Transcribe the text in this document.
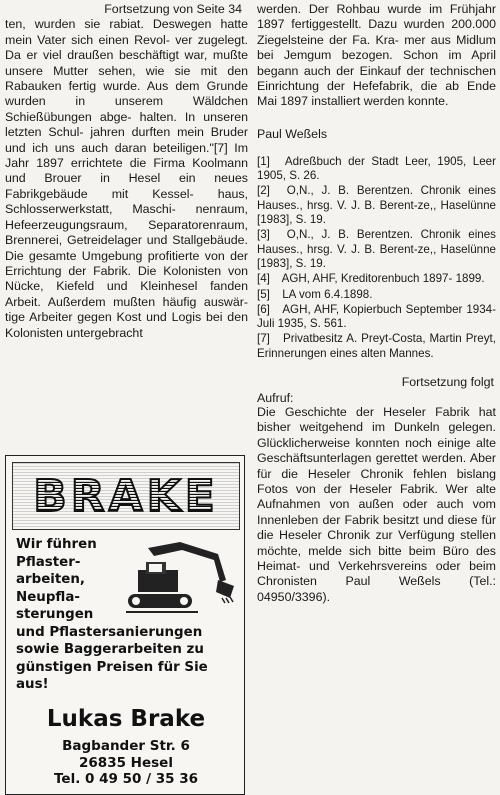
Fortsetzung von Seite 34
ten, wurden sie rabiat. Deswegen hatte mein Vater sich einen Revol- ver zugelegt. Da er viel draußen beschäftigt war, mußte unsere Mutter sehen, wie sie mit den Rabauken fertig wurde. Aus dem Grunde wurden in unserem Wäldchen Schießübungen abge- halten. In unseren letzten Schul- jahren durften mein Bruder und ich uns auch daran beteiligen."[7] Im Jahr 1897 errichtete die Firma Koolmann und Brouer in Hesel ein neues Fabrikgebäude mit Kessel- haus, Schlosserwerkstatt, Maschi- nenraum, Hefeerzeugungsraum, Separatorenraum, Brennerei, Getreidelager und Stallgebäude. Die gesamte Umgebung profitierte von der Errichtung der Fabrik. Die Kolonisten von Nücke, Kiefeld und Kleinhesel fanden Arbeit. Außerdem mußten häufig auswär- tige Arbeiter gegen Kost und Logis bei den Kolonisten untergebracht

BRAKE
Wir führen
Pflaster-
arbeiten,
Neupfla-
sterungen
und Pflastersanierungen
sowie Baggerarbeiten zu
günstigen Preisen für Sie
aus!
Lukas Brake
Bagbander Str. 6
26835 Hesel
Tel. 0 49 50 / 35 36

werden. Der Rohbau wurde im Frühjahr 1897 fertiggestellt. Dazu wurden 200.000 Ziegelsteine der Fa. Kra- mer aus Midlum bei Jemgum bezogen. Schon im April begann auch der Einkauf der technischen Einrichtung der Hefefabrik, die ab Ende Mai 1897 installiert werden konnte.

Paul Weßels

[1] Adreßbuch der Stadt Leer, 1905, Leer 1905, S. 26.
[2] O,N., J. B. Berentzen. Chronik eines Hauses., hrsg. V. J. B. Berent-ze,, Haselünne [1983], S. 19.
[3] O,N., J. B. Berentzen. Chronik eines Hauses., hrsg. V. J. B. Berent-ze,, Haselünne [1983], S. 19.
[4] AGH, AHF, Kreditorenbuch 1897- 1899.
[5] LA vom 6.4.1898.
[6] AGH, AHF, Kopierbuch September 1934-Juli 1935, S. 561.
[7] Privatbesitz A. Preyt-Costa, Martin Preyt, Erinnerungen eines alten Mannes.

Fortsetzung folgt

Aufruf:

Die Geschichte der Heseler Fabrik hat bisher weitgehend im Dunkeln gelegen. Glücklicherweise konnten noch einige alte Geschäftsunterlagen gerettet werden. Aber für die Heseler Chronik fehlen bislang Fotos von der Heseler Fabrik. Wer alte Aufnahmen von außen oder auch vom Innenleben der Fabrik besitzt und diese für die Heseler Chronik zur Verfügung stellen möchte, melde sich bitte beim Büro des Heimat- und Verkehrsvereins oder beim Chronisten Paul Weßels (Tel.: 04950/3396).
